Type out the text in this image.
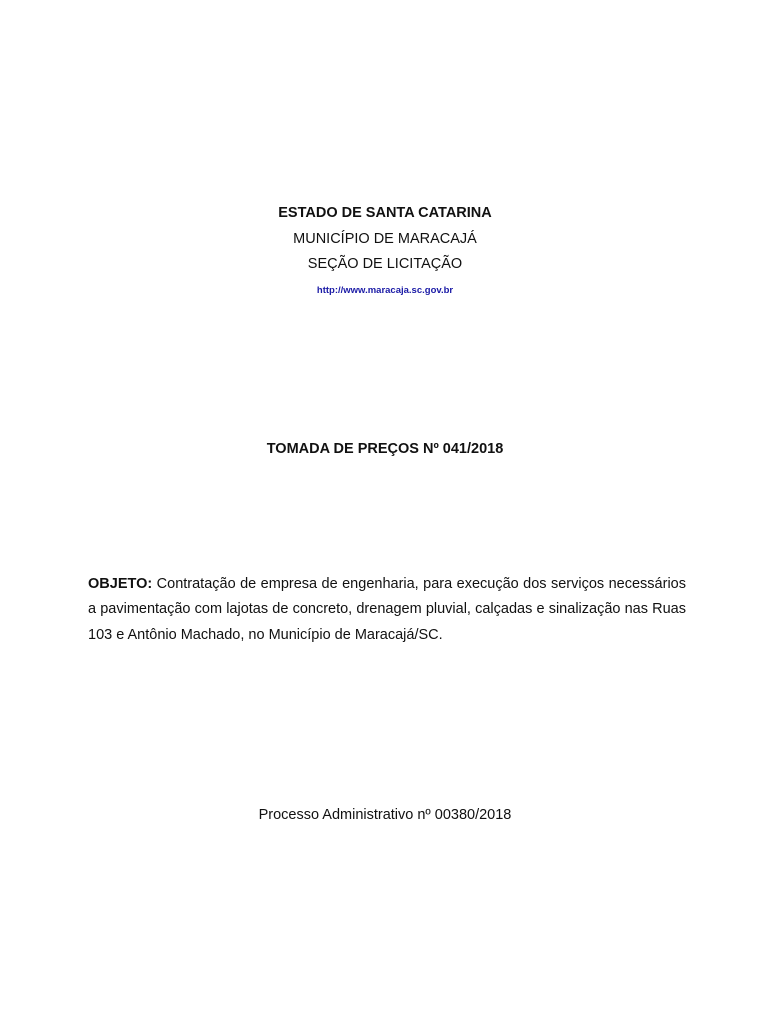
ESTADO DE SANTA CATARINA
MUNICÍPIO DE MARACAJÁ
SEÇÃO DE LICITAÇÃO
http://www.maracaja.sc.gov.br
TOMADA DE PREÇOS Nº 041/2018

OBJETO: Contratação de empresa de engenharia, para execução dos serviços necessários a pavimentação com lajotas de concreto, drenagem pluvial, calçadas e sinalização nas Ruas 103 e Antônio Machado, no Município de Maracajá/SC.

Processo Administrativo nº 00380/2018
